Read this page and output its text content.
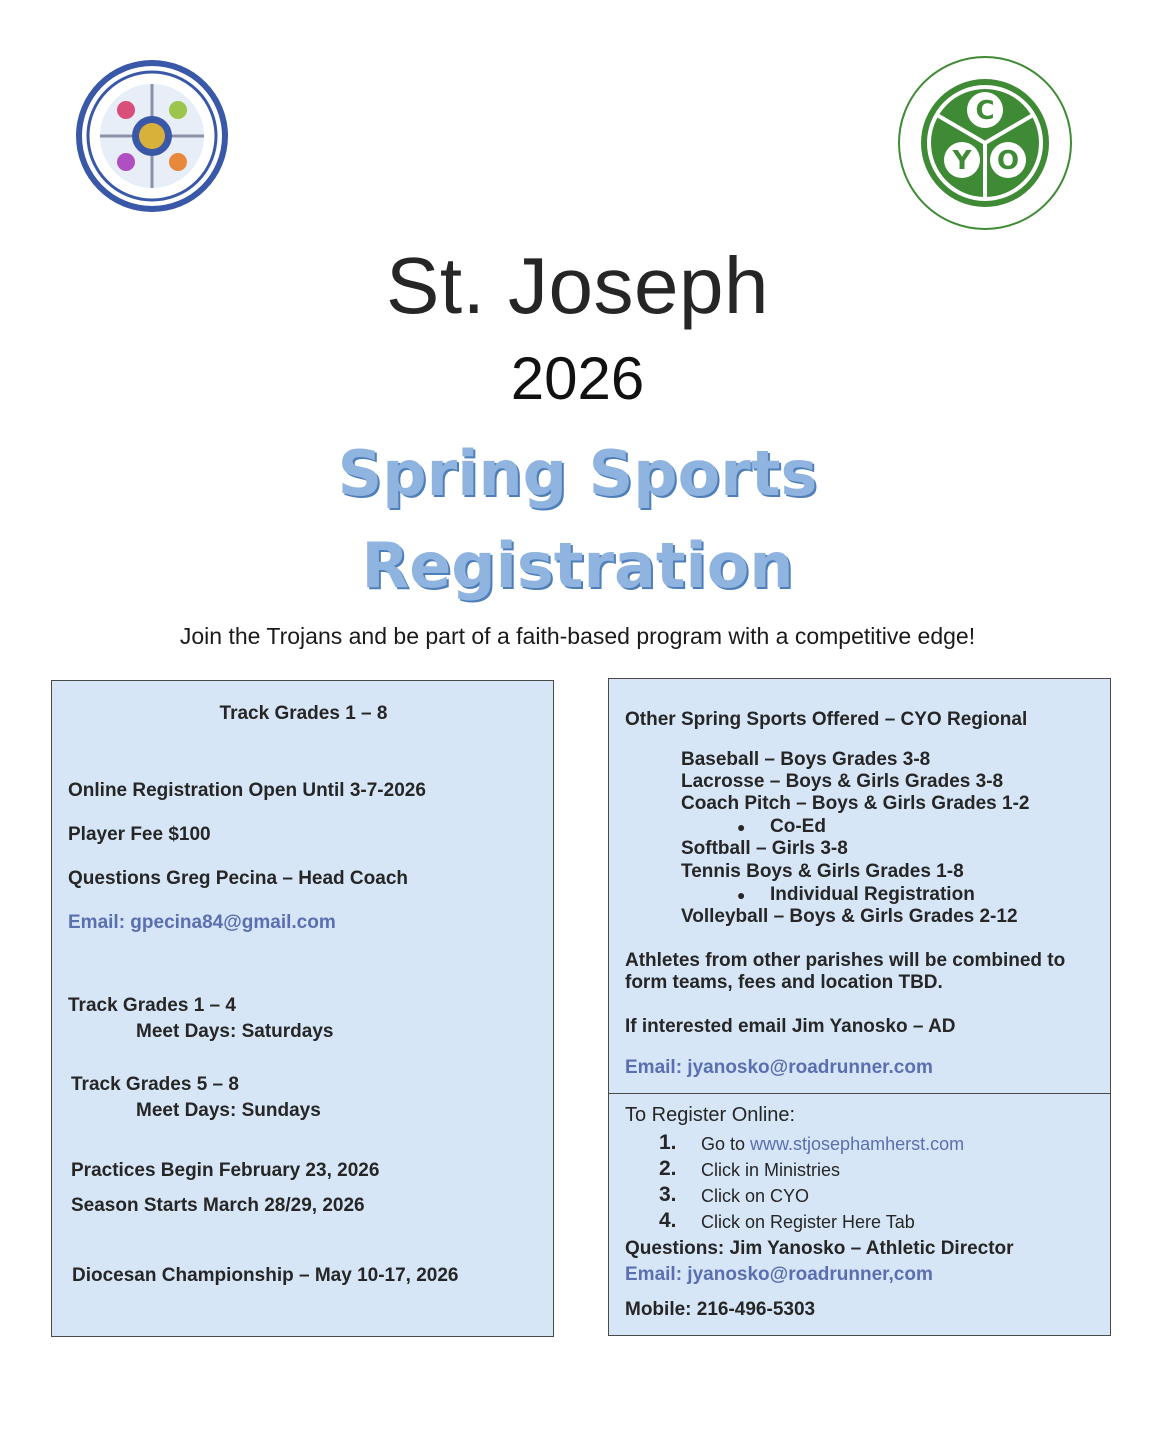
C
Y O
St. Joseph
2026
Spring Sports
Registration
Join the Trojans and be part of a faith-based program with a competitive edge!
Track Grades 1 – 8
Online Registration Open Until 3-7-2026
Player Fee $100
Questions Greg Pecina – Head Coach
Email: gpecina84@gmail.com
Track Grades 1 – 4
Meet Days: Saturdays
Track Grades 5 – 8
Meet Days: Sundays
Practices Begin February 23, 2026
Season Starts March 28/29, 2026
Diocesan Championship – May 10-17, 2026
Other Spring Sports Offered – CYO Regional
Baseball – Boys Grades 3-8
Lacrosse – Boys & Girls Grades 3-8
Coach Pitch – Boys & Girls Grades 1-2
● Co-Ed
Softball – Girls 3-8
Tennis Boys & Girls Grades 1-8
● Individual Registration
Volleyball – Boys & Girls Grades 2-12
Athletes from other parishes will be combined to
form teams, fees and location TBD.
If interested email Jim Yanosko – AD
Email: jyanosko@roadrunner.com
To Register Online:
1. Go to www.stjosephamherst.com
2. Click in Ministries
3. Click on CYO
4. Click on Register Here Tab
Questions: Jim Yanosko – Athletic Director
Email: jyanosko@roadrunner,com
Mobile: 216-496-5303
